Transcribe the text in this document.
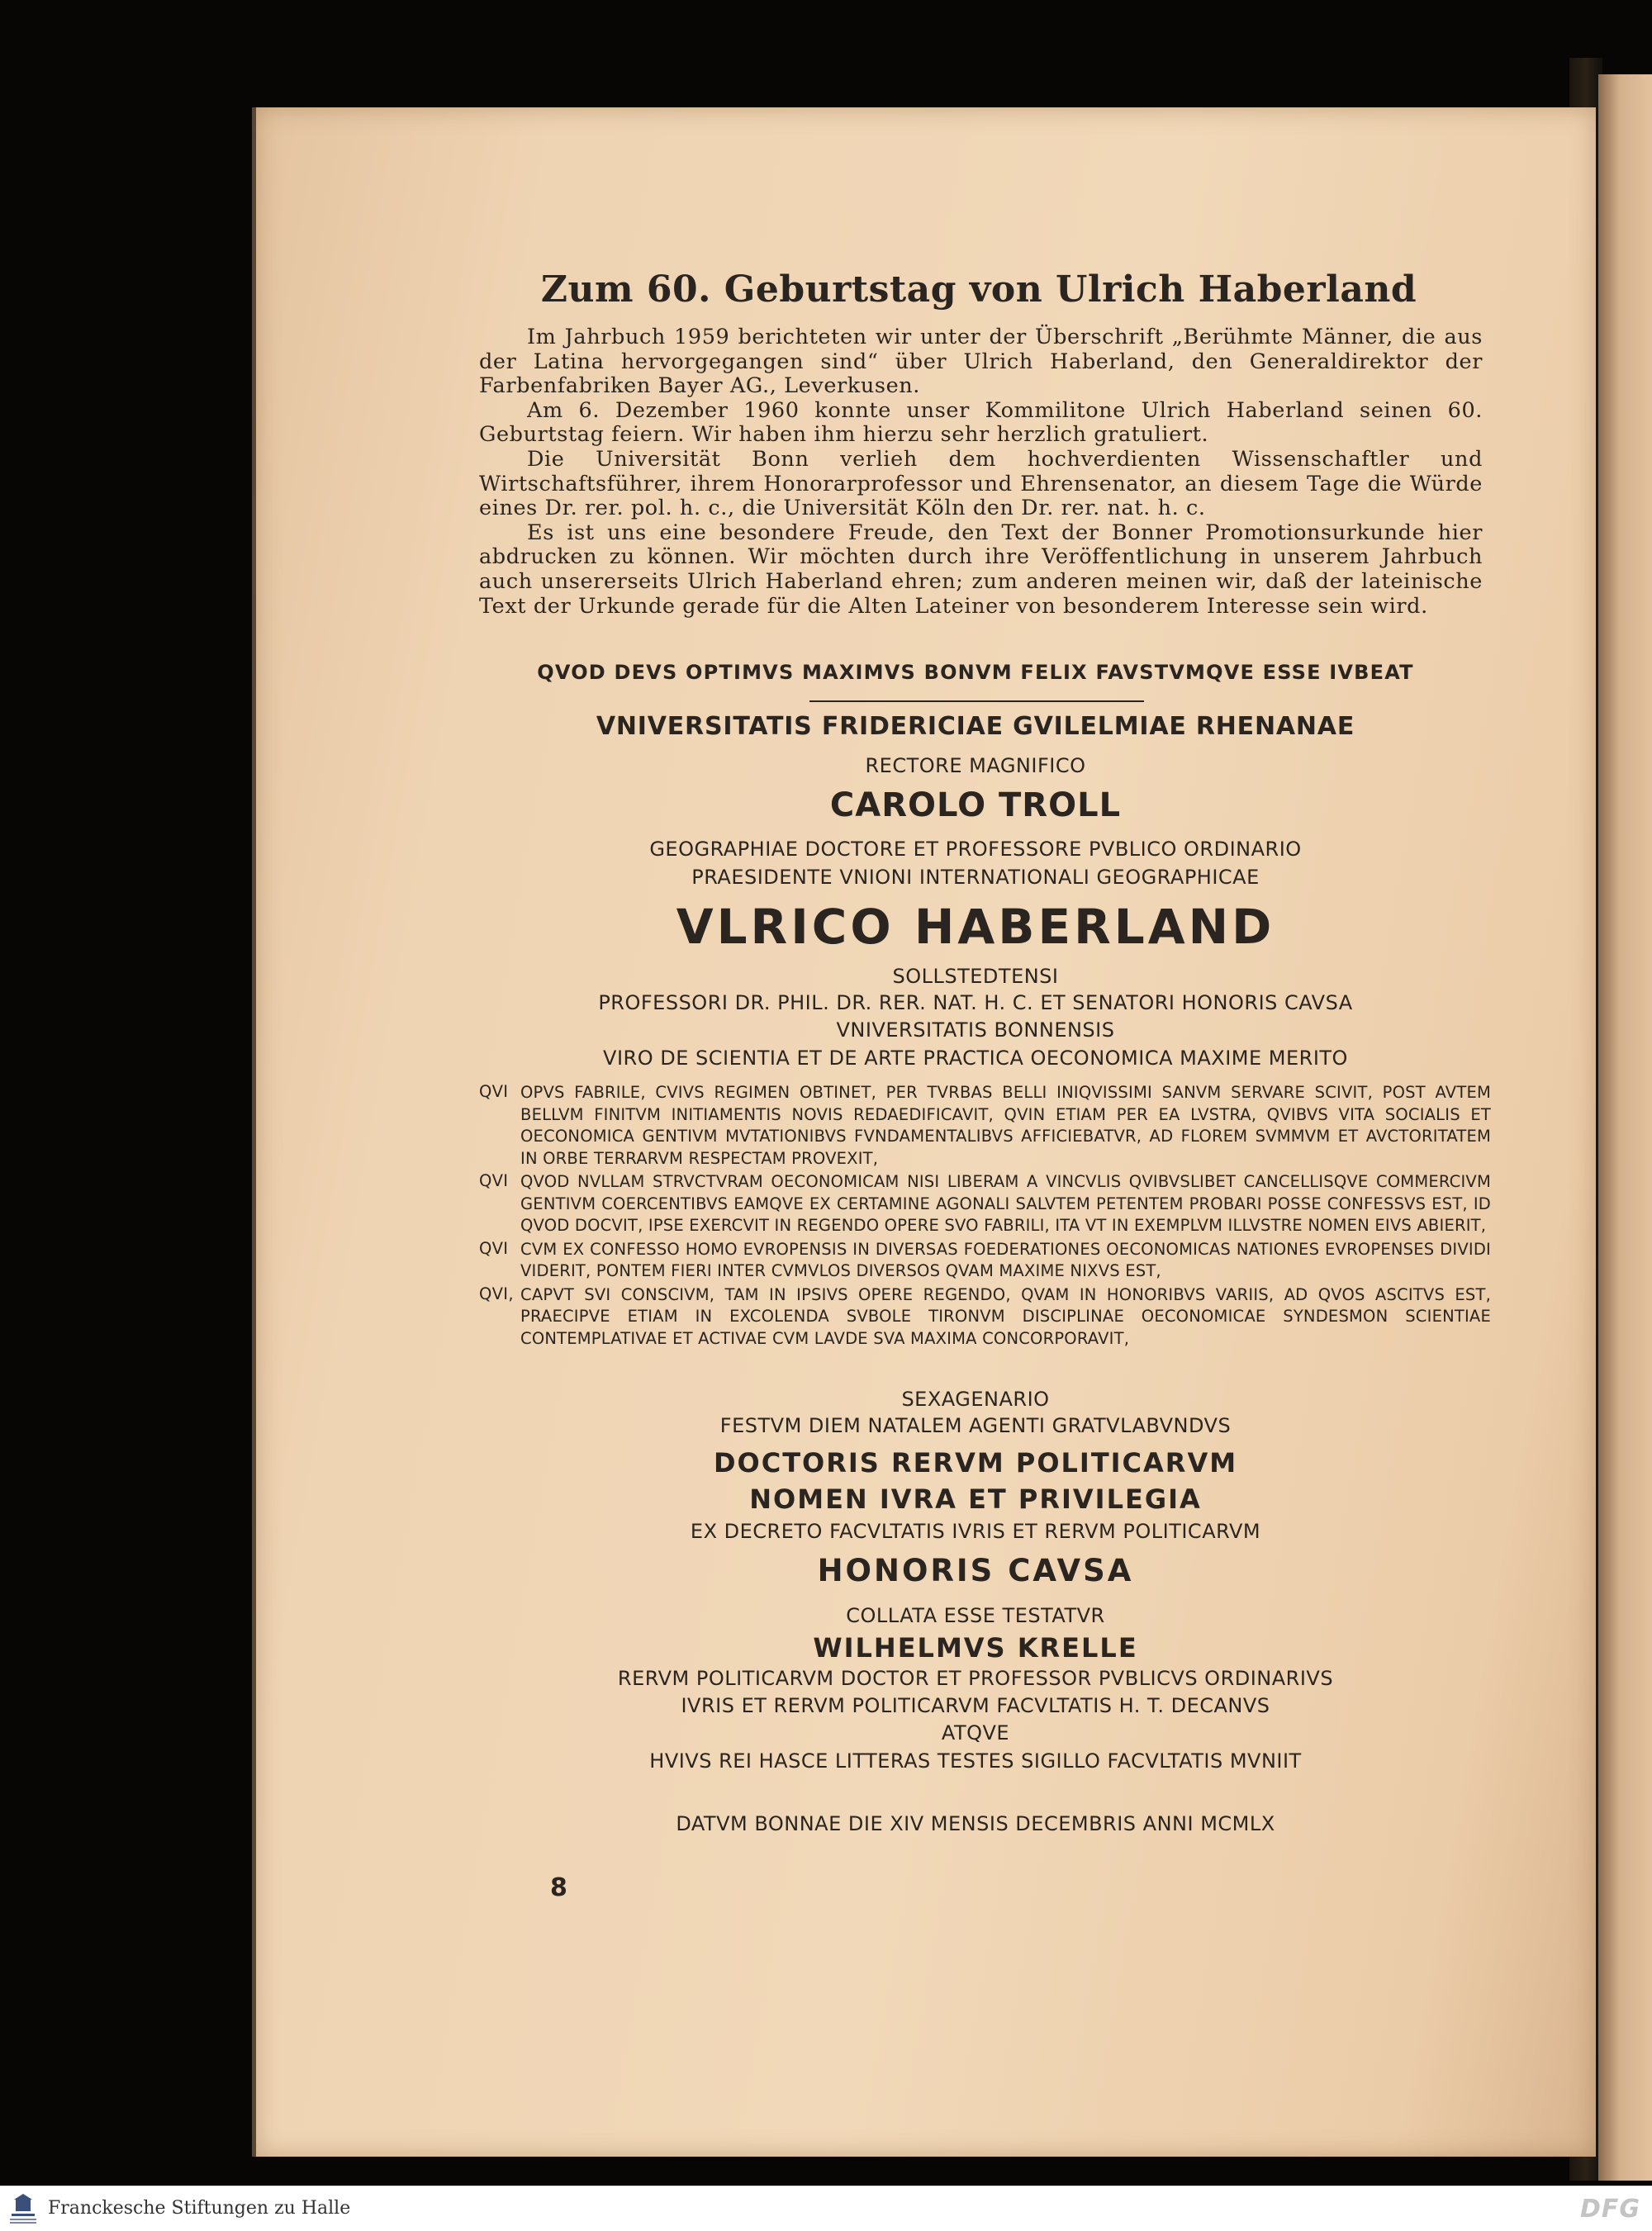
Zum 60. Geburtstag von Ulrich Haberland

Im Jahrbuch 1959 berichteten wir unter der Überschrift „Berühmte Männer, die aus der Latina hervorgegangen sind“ über Ulrich Haberland, den Generaldirektor der Farbenfabriken Bayer AG., Leverkusen.

Am 6. Dezember 1960 konnte unser Kommilitone Ulrich Haberland seinen 60. Geburtstag feiern. Wir haben ihm hierzu sehr herzlich gratuliert.

Die Universität Bonn verlieh dem hochverdienten Wissenschaftler und Wirtschaftsführer, ihrem Honorarprofessor und Ehrensenator, an diesem Tage die Würde eines Dr. rer. pol. h. c., die Universität Köln den Dr. rer. nat. h. c.

Es ist uns eine besondere Freude, den Text der Bonner Promotionsurkunde hier abdrucken zu können. Wir möchten durch ihre Veröffentlichung in unserem Jahrbuch auch unsererseits Ulrich Haberland ehren; zum anderen meinen wir, daß der lateinische Text der Urkunde gerade für die Alten Lateiner von besonderem Interesse sein wird.

QVOD DEVS OPTIMVS MAXIMVS BONVM FELIX FAVSTVMQVE ESSE IVBEAT
VNIVERSITATIS FRIDERICIAE GVILELMIAE RHENANAE
RECTORE MAGNIFICO
CAROLO TROLL
GEOGRAPHIAE DOCTORE ET PROFESSORE PVBLICO ORDINARIO
PRAESIDENTE VNIONI INTERNATIONALI GEOGRAPHICAE
VLRICO HABERLAND
SOLLSTEDTENSI
PROFESSORI DR. PHIL. DR. RER. NAT. H. C. ET SENATORI HONORIS CAVSA
VNIVERSITATIS BONNENSIS
VIRO DE SCIENTIA ET DE ARTE PRACTICA OECONOMICA MAXIME MERITO
QVI OPVS FABRILE, CVIVS REGIMEN OBTINET, PER TVRBAS BELLI INIQVISSIMI SANVM SERVARE SCIVIT, POST AVTEM BELLVM FINITVM INITIAMENTIS NOVIS REDAEDIFICAVIT, QVIN ETIAM PER EA LVSTRA, QVIBVS VITA SOCIALIS ET OECONOMICA GENTIVM MVTATIONIBVS FVNDAMENTALIBVS AFFICIEBATVR, AD FLOREM SVMMVM ET AVCTORITATEM IN ORBE TERRARVM RESPECTAM PROVEXIT,
QVI QVOD NVLLAM STRVCTVRAM OECONOMICAM NISI LIBERAM A VINCVLIS QVIBVSLIBET CANCELLISQVE COMMERCIVM GENTIVM COERCENTIBVS EAMQVE EX CERTAMINE AGONALI SALVTEM PETENTEM PROBARI POSSE CONFESSVS EST, ID QVOD DOCVIT, IPSE EXERCVIT IN REGENDO OPERE SVO FABRILI, ITA VT IN EXEMPLVM ILLVSTRE NOMEN EIVS ABIERIT,
QVI CVM EX CONFESSO HOMO EVROPENSIS IN DIVERSAS FOEDERATIONES OECONOMICAS NATIONES EVROPENSES DIVIDI VIDERIT, PONTEM FIERI INTER CVMVLOS DIVERSOS QVAM MAXIME NIXVS EST,
QVI, CAPVT SVI CONSCIVM, TAM IN IPSIVS OPERE REGENDO, QVAM IN HONORIBVS VARIIS, AD QVOS ASCITVS EST, PRAECIPVE ETIAM IN EXCOLENDA SVBOLE TIRONVM DISCIPLINAE OECONOMICAE SYNDESMON SCIENTIAE CONTEMPLATIVAE ET ACTIVAE CVM LAVDE SVA MAXIMA CONCORPORAVIT,
SEXAGENARIO
FESTVM DIEM NATALEM AGENTI GRATVLABVNDVS
DOCTORIS RERVM POLITICARVM
NOMEN IVRA ET PRIVILEGIA
EX DECRETO FACVLTATIS IVRIS ET RERVM POLITICARVM
HONORIS CAVSA
COLLATA ESSE TESTATVR
WILHELMVS KRELLE
RERVM POLITICARVM DOCTOR ET PROFESSOR PVBLICVS ORDINARIVS
IVRIS ET RERVM POLITICARVM FACVLTATIS H. T. DECANVS
ATQVE
HVIVS REI HASCE LITTERAS TESTES SIGILLO FACVLTATIS MVNIIT
DATVM BONNAE DIE XIV MENSIS DECEMBRIS ANNI MCMLX
8
Franckesche Stiftungen zu Halle	DFG
